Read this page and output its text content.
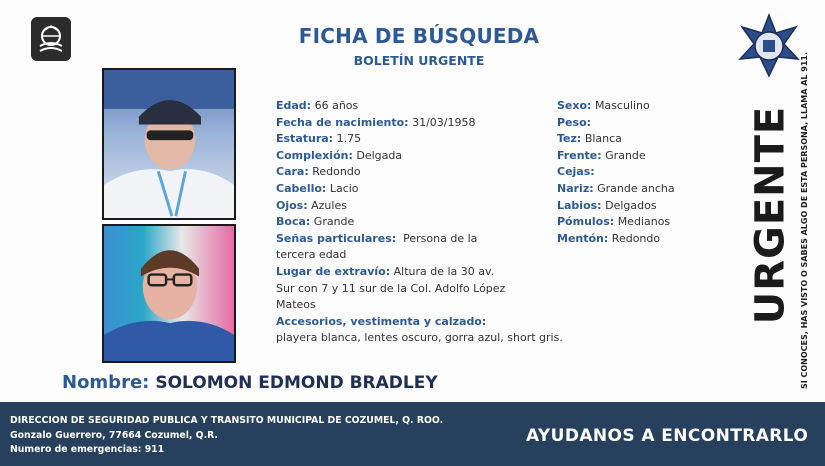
FICHA DE BÚSQUEDA
BOLETÍN URGENTE
Edad: 66 años
Fecha de nacimiento: 31/03/1958
Estatura: 1.75
Complexión: Delgada
Cara: Redondo
Cabello: Lacio
Ojos: Azules
Boca: Grande
Señas particulares: Persona de la tercera edad
Lugar de extravío: Altura de la 30 av. Sur con 7 y 11 sur de la Col. Adolfo López Mateos
Accesorios, vestimenta y calzado:
playera blanca, lentes oscuro, gorra azul, short gris.
Sexo: Masculino
Peso:
Tez: Blanca
Frente: Grande
Cejas:
Nariz: Grande ancha
Labios: Delgados
Pómulos: Medianos
Mentón: Redondo	URGENTE SI CONOCES, HAS VISTO O SABES ALGO DE ESTA PERSONA, LLAMA AL 911.
Nombre: SOLOMON EDMOND BRADLEY
DIRECCION DE SEGURIDAD PUBLICA Y TRANSITO MUNICIPAL DE COZUMEL, Q. ROO.
Gonzalo Guerrero, 77664 Cozumel, Q.R.
Numero de emergencias: 911
AYUDANOS A ENCONTRARLO
